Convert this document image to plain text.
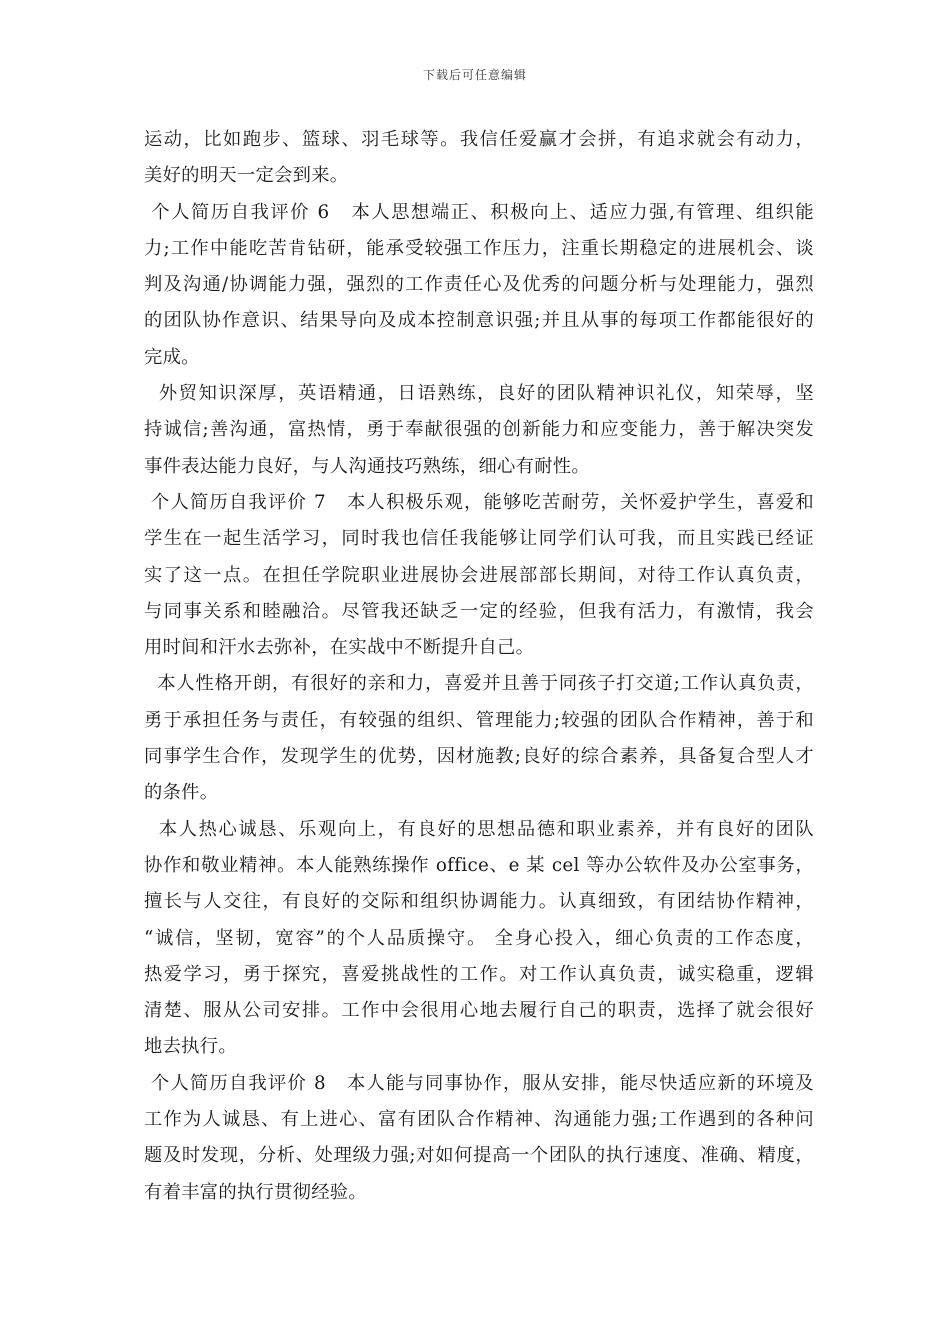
下载后可任意编辑
运动，比如跑步、篮球、羽毛球等。我信任爱赢才会拼，有追求就会有动力，
美好的明天一定会到来。
个人简历自我评价 6   本人思想端正、积极向上、适应力强,有管理、组织能
力;工作中能吃苦肯钻研，能承受较强工作压力，注重长期稳定的进展机会、谈
判及沟通/协调能力强，强烈的工作责任心及优秀的问题分析与处理能力，强烈
的团队协作意识、结果导向及成本控制意识强;并且从事的每项工作都能很好的
完成。
外贸知识深厚，英语精通，日语熟练，良好的团队精神识礼仪，知荣辱，坚
持诚信;善沟通，富热情，勇于奉献很强的创新能力和应变能力，善于解决突发
事件表达能力良好，与人沟通技巧熟练，细心有耐性。
个人简历自我评价 7   本人积极乐观，能够吃苦耐劳，关怀爱护学生，喜爱和
学生在一起生活学习，同时我也信任我能够让同学们认可我，而且实践已经证
实了这一点。在担任学院职业进展协会进展部部长期间，对待工作认真负责，
与同事关系和睦融洽。尽管我还缺乏一定的经验，但我有活力，有激情，我会
用时间和汗水去弥补，在实战中不断提升自己。
本人性格开朗，有很好的亲和力，喜爱并且善于同孩子打交道;工作认真负责，
勇于承担任务与责任，有较强的组织、管理能力;较强的团队合作精神，善于和
同事学生合作，发现学生的优势，因材施教;良好的综合素养，具备复合型人才
的条件。
本人热心诚恳、乐观向上，有良好的思想品德和职业素养，并有良好的团队
协作和敬业精神。本人能熟练操作 office、e 某 cel 等办公软件及办公室事务，
擅长与人交往，有良好的交际和组织协调能力。认真细致，有团结协作精神，
“诚信，坚韧，宽容”的个人品质操守。 全身心投入，细心负责的工作态度，
热爱学习，勇于探究，喜爱挑战性的工作。对工作认真负责，诚实稳重，逻辑
清楚、服从公司安排。工作中会很用心地去履行自己的职责，选择了就会很好
地去执行。
个人简历自我评价 8   本人能与同事协作，服从安排，能尽快适应新的环境及
工作为人诚恳、有上进心、富有团队合作精神、沟通能力强;工作遇到的各种问
题及时发现，分析、处理级力强;对如何提高一个团队的执行速度、准确、精度，
有着丰富的执行贯彻经验。
